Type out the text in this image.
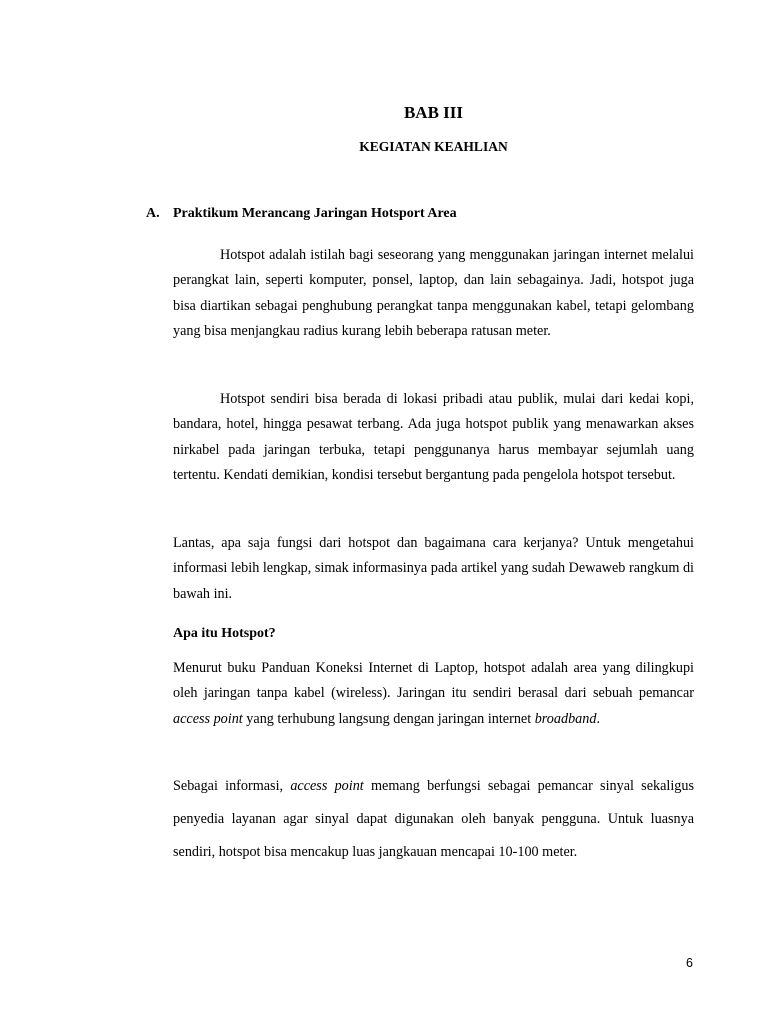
BAB III
KEGIATAN KEAHLIAN
A. Praktikum Merancang Jaringan Hotsport Area

Hotspot adalah istilah bagi seseorang yang menggunakan jaringan internet melalui perangkat lain, seperti komputer, ponsel, laptop, dan lain sebagainya. Jadi, hotspot juga bisa diartikan sebagai penghubung perangkat tanpa menggunakan kabel, tetapi gelombang yang bisa menjangkau radius kurang lebih beberapa ratusan meter.

Hotspot sendiri bisa berada di lokasi pribadi atau publik, mulai dari kedai kopi, bandara, hotel, hingga pesawat terbang. Ada juga hotspot publik yang menawarkan akses nirkabel pada jaringan terbuka, tetapi penggunanya harus membayar sejumlah uang tertentu. Kendati demikian, kondisi tersebut bergantung pada pengelola hotspot tersebut.

Lantas, apa saja fungsi dari hotspot dan bagaimana cara kerjanya? Untuk mengetahui informasi lebih lengkap, simak informasinya pada artikel yang sudah Dewaweb rangkum di bawah ini.

Apa itu Hotspot?

Menurut buku Panduan Koneksi Internet di Laptop, hotspot adalah area yang dilingkupi oleh jaringan tanpa kabel (wireless). Jaringan itu sendiri berasal dari sebuah pemancar access point yang terhubung langsung dengan jaringan internet broadband.

Sebagai informasi, access point memang berfungsi sebagai pemancar sinyal sekaligus penyedia layanan agar sinyal dapat digunakan oleh banyak pengguna. Untuk luasnya sendiri, hotspot bisa mencakup luas jangkauan mencapai 10-100 meter.

6
